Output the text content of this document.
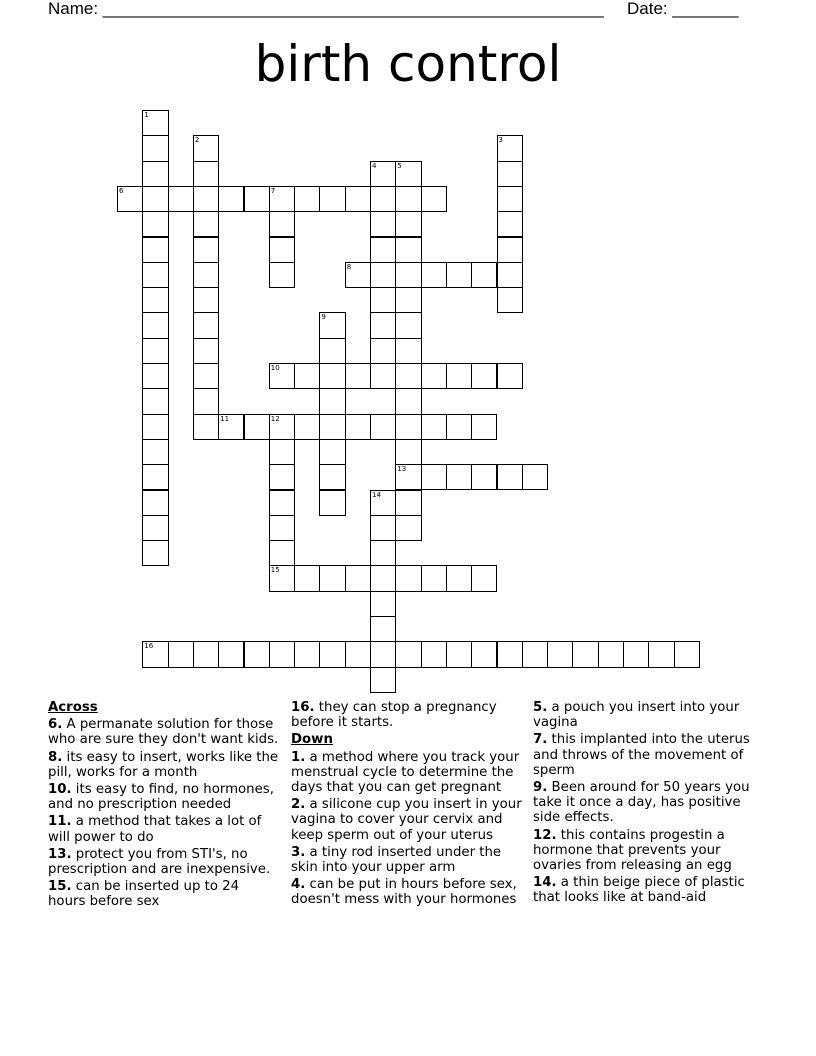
Name: _____________________________________________________ Date: _______
birth control
1
2	3
4	5
13
6	7
8
9
10
11	12
15
14
16
Across
6. A permanate solution for those who are sure they don't want kids.
8. its easy to insert, works like the pill, works for a month
10. its easy to find, no hormones, and no prescription needed
11. a method that takes a lot of will power to do
13. protect you from STI's, no prescription and are inexpensive.
15. can be inserted up to 24 hours before sex
16. they can stop a pregnancy before it starts.
Down
1. a method where you track your menstrual cycle to determine the days that you can get pregnant
2. a silicone cup you insert in your vagina to cover your cervix and keep sperm out of your uterus
3. a tiny rod inserted under the skin into your upper arm
4. can be put in hours before sex, doesn't mess with your hormones
5. a pouch you insert into your vagina
7. this implanted into the uterus and throws of the movement of sperm
9. Been around for 50 years you take it once a day, has positive side effects.
12. this contains progestin a hormone that prevents your ovaries from releasing an egg
14. a thin beige piece of plastic that looks like at band-aid
